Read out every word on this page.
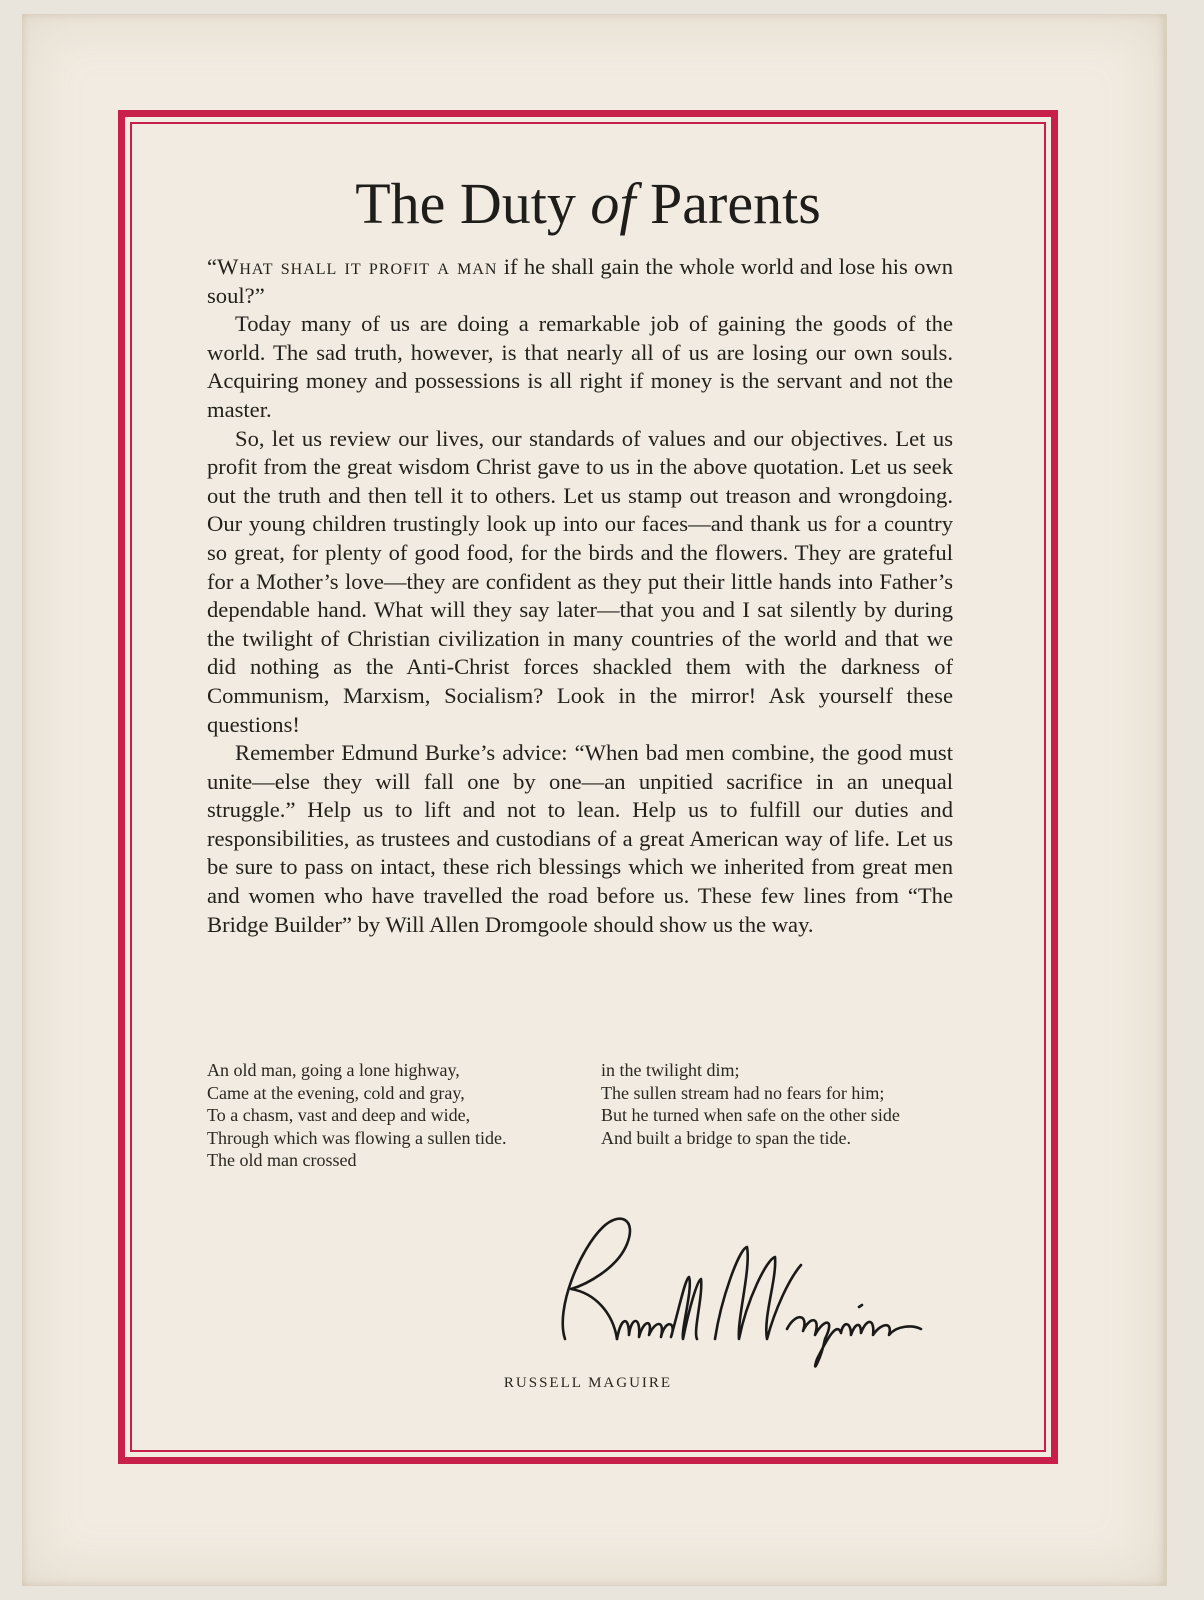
The Duty of Parents

“What shall it profit a man if he shall gain the whole world and lose his own soul?”

Today many of us are doing a remarkable job of gaining the goods of the world. The sad truth, however, is that nearly all of us are losing our own souls. Acquiring money and possessions is all right if money is the servant and not the master.

So, let us review our lives, our standards of values and our objectives. Let us profit from the great wisdom Christ gave to us in the above quotation. Let us seek out the truth and then tell it to others. Let us stamp out treason and wrongdoing. Our young children trustingly look up into our faces—and thank us for a country so great, for plenty of good food, for the birds and the flowers. They are grateful for a Mother’s love—they are confident as they put their little hands into Father’s dependable hand. What will they say later—that you and I sat silently by during the twilight of Christian civilization in many countries of the world and that we did nothing as the Anti-Christ forces shackled them with the darkness of Communism, Marxism, Socialism? Look in the mirror! Ask yourself these questions!

Remember Edmund Burke’s advice: “When bad men combine, the good must unite—else they will fall one by one—an unpitied sacrifice in an unequal struggle.” Help us to lift and not to lean. Help us to fulfill our duties and responsibilities, as trustees and custodians of a great American way of life. Let us be sure to pass on intact, these rich blessings which we inherited from great men and women who have travelled the road before us. These few lines from “The Bridge Builder” by Will Allen Dromgoole should show us the way.

An old man, going a lone highway,
Came at the evening, cold and gray,
To a chasm, vast and deep and wide,
Through which was flowing a sullen tide.
The old man crossed
in the twilight dim;
The sullen stream had no fears for him;
But he turned when safe on the other side
And built a bridge to span the tide.
RUSSELL MAGUIRE
